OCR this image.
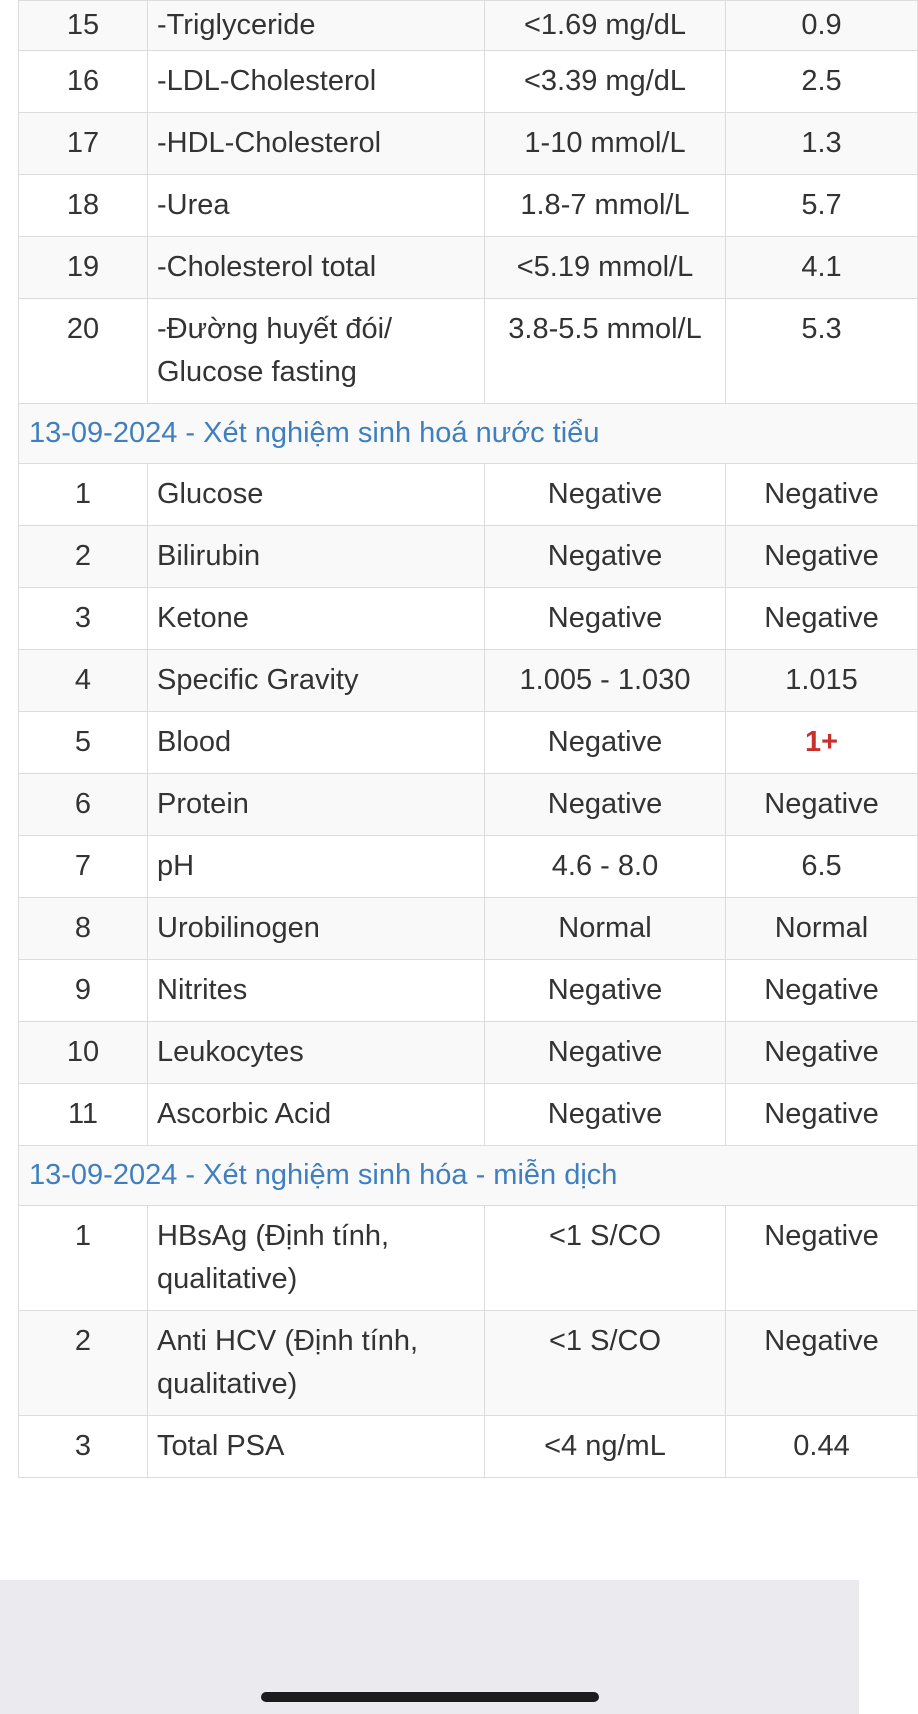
15	-Triglyceride	<1.69 mg/dL	0.9
16	-LDL-Cholesterol	<3.39 mg/dL	2.5
17	-HDL-Cholesterol	1-10 mmol/L	1.3
18	-Urea	1.8-7 mmol/L	5.7
19	-Cholesterol total	<5.19 mmol/L	4.1
20	-Đường huyết đói/ Glucose fasting	3.8-5.5 mmol/L	5.3
13-09-2024 - Xét nghiệm sinh hoá nước tiểu			
1	Glucose	Negative	Negative
2	Bilirubin	Negative	Negative
3	Ketone	Negative	Negative
4	Specific Gravity	1.005 - 1.030	1.015
5	Blood	Negative	1+
6	Protein	Negative	Negative
7	pH	4.6 - 8.0	6.5
8	Urobilinogen	Normal	Normal
9	Nitrites	Negative	Negative
10	Leukocytes	Negative	Negative
11	Ascorbic Acid	Negative	Negative
13-09-2024 - Xét nghiệm sinh hóa - miễn dịch			
1	HBsAg (Định tính, qualitative)	<1 S/CO	Negative
2	Anti HCV (Định tính, qualitative)	<1 S/CO	Negative
3	Total PSA	<4 ng/mL	0.44
